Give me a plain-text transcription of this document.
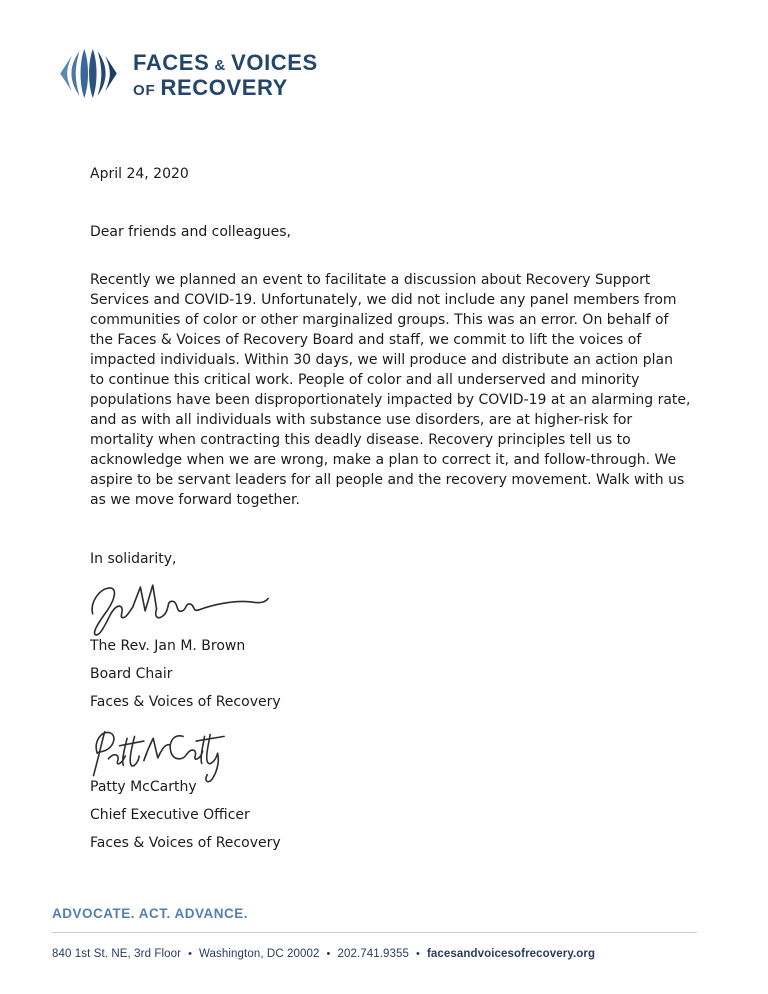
FACES & VOICES
OF RECOVERY
April 24, 2020
Dear friends and colleagues,
Recently we planned an event to facilitate a discussion about Recovery Support Services and COVID-19. Unfortunately, we did not include any panel members from communities of color or other marginalized groups. This was an error. On behalf of the Faces & Voices of Recovery Board and staff, we commit to lift the voices of impacted individuals. Within 30 days, we will produce and distribute an action plan to continue this critical work. People of color and all underserved and minority populations have been disproportionately impacted by COVID-19 at an alarming rate, and as with all individuals with substance use disorders, are at higher-risk for mortality when contracting this deadly disease. Recovery principles tell us to acknowledge when we are wrong, make a plan to correct it, and follow-through. We aspire to be servant leaders for all people and the recovery movement. Walk with us as we move forward together.
In solidarity,
The Rev. Jan M. Brown
Board Chair
Faces & Voices of Recovery
Patty McCarthy
Chief Executive Officer
Faces & Voices of Recovery
ADVOCATE. ACT. ADVANCE.
840 1st St. NE, 3rd Floor • Washington, DC 20002 • 202.741.9355 • facesandvoicesofrecovery.org
